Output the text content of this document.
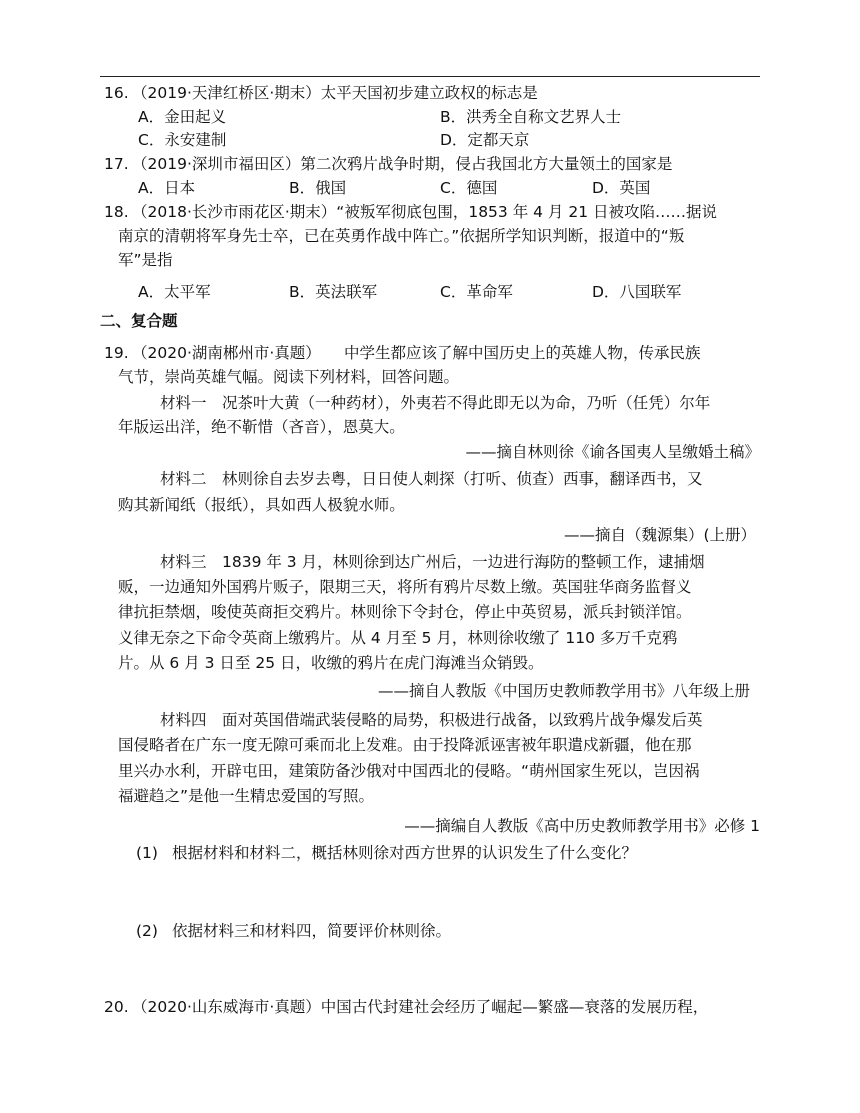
16. （2019·天津红桥区·期末）太平天国初步建立政权的标志是
A．金田起义	B．洪秀全自称文艺界人士
C．永安建制	D．定都天京
17. （2019·深圳市福田区）第二次鸦片战争时期，侵占我国北方大量领土的国家是
A．日本	B．俄国	C．德国	D．英国
18. （2018·长沙市雨花区·期末）“被叛军彻底包围，1853 年 4 月 21 日被攻陷……据说
南京的清朝将军身先士卒，已在英勇作战中阵亡。”依据所学知识判断，报道中的“叛
军”是指
A．太平军	B．英法联军	C．革命军	D．八国联军
二、复合题
19. （2020·湖南郴州市·真题）　　中学生都应该了解中国历史上的英雄人物，传承民族
气节，崇尚英雄气幅。阅读下列材料，回答问题。
材料一　况茶叶大黄（一种药材），外夷若不得此即无以为命，乃听（任凭）尔年
年版运出洋，绝不靳惜（吝音），恩莫大。
——摘自林则徐《谕各国夷人呈缴婚土稿》
材料二　林则徐自去岁去粤，日日使人刺探（打听、侦查）西事，翻译西书，又
购其新闻纸（报纸），具如西人极貌水师。
——摘自（魏源集）(上册）
材料三　1839 年 3 月，林则徐到达广州后，一边进行海防的整顿工作，逮捕烟
贩，一边通知外国鸦片贩子，限期三天，将所有鸦片尽数上缴。英国驻华商务监督义
律抗拒禁烟，唆使英商拒交鸦片。林则徐下令封仓，停止中英贸易，派兵封锁洋馆。
义律无奈之下命令英商上缴鸦片。从 4 月至 5 月，林则徐收缴了 110 多万千克鸦
片。从 6 月 3 日至 25 日，收缴的鸦片在虎门海滩当众销毁。
——摘自人教版《中国历史教师教学用书》八年级上册
材料四　面对英国借端武装侵略的局势，积极进行战备，以致鸦片战争爆发后英
国侵略者在广东一度无隙可乘而北上发难。由于投降派诬害被年职遣戍新疆，他在那
里兴办水利，开辟屯田，建策防备沙俄对中国西北的侵略。“萌州国家生死以，岂因祸
福避趋之”是他一生精忠爱国的写照。
——摘编自人教版《高中历史教师教学用书》必修 1
(1) 根据材料和材料二，概括林则徐对西方世界的认识发生了什么变化？
(2) 依据材料三和材料四，简要评价林则徐。
20. （2020·山东威海市·真题）中国古代封建社会经历了崛起—繁盛—衰落的发展历程，
